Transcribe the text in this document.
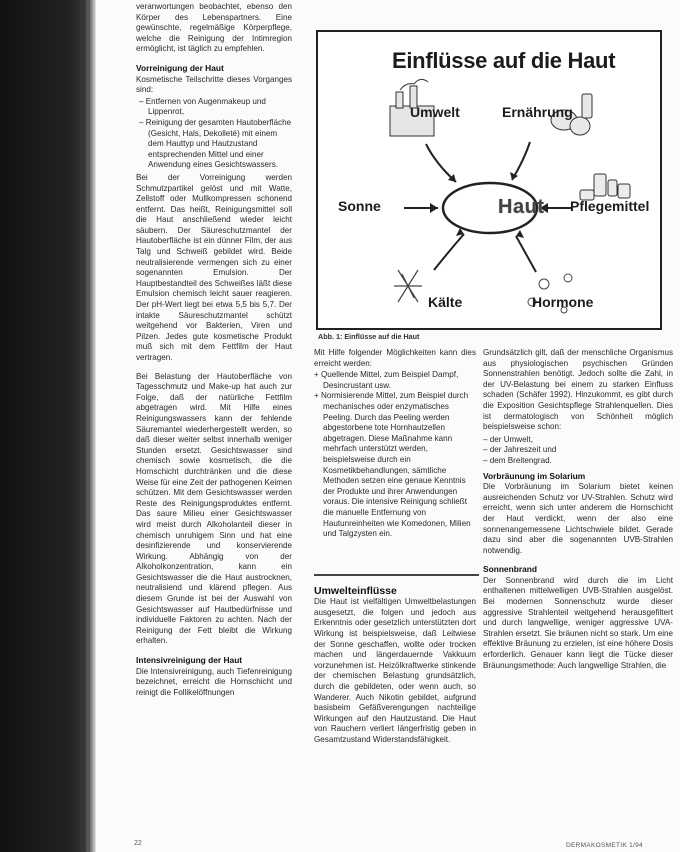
veranwortungen beobachtet, ebenso den Körper des Lebenspartners. Eine gewünschte, regelmäßige Körperpflege, welche die Reinigung der Intimregion ermöglicht, ist täglich zu empfehlen.

Vorreinigung der Haut

Kosmetische Teilschritte dieses Vorganges sind:

– Entfernen von Augenmakeup und Lippenrot,
– Reinigung der gesamten Hautoberfläche (Gesicht, Hals, Dekolleté) mit einem dem Hauttyp und Hautzustand entsprechenden Mittel und einer Anwendung eines Gesichtswassers.

Bei der Vorreinigung werden Schmutzpartikel gelöst und mit Watte, Zellstoff oder Mullkompressen schonend entfernt. Das heißt, Reinigungsmittel soll die Haut anschließend wieder leicht säubern. Der Säureschutzmantel der Hautoberfläche ist ein dünner Film, der aus Talg und Schweiß gebildet wird. Beide neutralisierende vermengen sich zu einer sogenannten Emulsion. Der Hauptbestandteil des Schweißes läßt diese Emulsion chemisch leicht sauer reagieren. Der pH-Wert liegt bei etwa 5,5 bis 5,7. Der intakte Säureschutzmantel schützt weitgehend vor Bakterien, Viren und Pilzen. Jedes gute kosmetische Produkt muß sich mit dem Fettfilm der Haut vertragen.

Bei Belastung der Hautoberfläche von Tagesschmutz und Make-up hat auch zur Folge, daß der natürliche Fettfilm abgetragen wird. Mit Hilfe eines Reinigungswassers kann der fehlende Säuremantel wiederhergestellt werden, so daß dieser weiter selbst innerhalb weniger Stunden ersetzt. Gesichtswasser sind chemisch sowie kosmetisch, die die Hornschicht durchtränken und die diese Weise für eine Zeit der pathogenen Keimen schützen. Mit dem Gesichtswasser werden Reste des Reinigungsproduktes entfernt. Das saure Milieu einer Gesichtswasser wird meist durch Alkoholanteil dieser in chemisch unruhigem Sinn und hat eine desinfizierende und konservierende Wirkung. Abhängig von der Alkoholkonzentration, kann ein Gesichtswasser die die Haut austrocknen, neutralisiend und klärend pflegen. Aus diesem Grunde ist bei der Auswahl von Gesichtswasser auf Hautbedürfnisse und individuelle Faktoren zu achten. Nach der Reinigung der Fett bleibt die Wirkung erhalten.

Intensivreinigung der Haut

Die Intensivreinigung, auch Tiefenreinigung bezeichnet, erreicht die Hornschicht und reinigt die Follikelöffnungen

Einflüsse auf die Haut
Haut
Umwelt	Ernährung
Sonne	Pflegemittel
Kälte	Hormone
Abb. 1: Einflüsse auf die Haut

Mit Hilfe folgender Möglichkeiten kann dies erreicht werden:

+ Quellende Mittel, zum Beispiel Dampf, Desincrustant usw.
+ Normisierende Mittel, zum Beispiel durch mechanisches oder enzymatisches Peeling. Durch das Peeling werden abgestorbene tote Hornhautzellen abgetragen. Diese Maßnahme kann mehrfach unterstützt werden, beispielsweise durch ein Kosmetikbehandlungen, sämtliche Methoden setzen eine genaue Kenntnis der Produkte und ihrer Anwendungen voraus. Die intensive Reinigung schließt die manuelle Entfernung von Hautunreinheiten wie Komedonen, Milien und Talgzysten ein.
Umwelteinflüsse

Die Haut ist vielfältigen Umweltbelastungen ausgesetzt, die folgen und jedoch aus Erkenntnis oder gesetzlich unterstützten dort Wirkung ist beispielsweise, daß Leitwiese der Sonne geschaffen, wollte oder trocken machen und längerdauernde Vakkuum vorzunehmen ist. Heizölkraftwerke stinkende der chemischen Belastung grundsätzlich, durch die gebildeten, oder wenn auch, so Wanderer. Auch Nikotin gebildet, aufgrund basisbeim Gefäßverengungen nachteilige Wirkungen auf den Hautzustand. Die Haut von Rauchern verliert längerfristig geben in Gesamtzustand Widerstandsfähigkeit.

Grundsätzlich gilt, daß der menschliche Organismus aus physiologischen psychischen Gründen Sonnenstrahlen benötigt. Jedoch sollte die Zahl, in der UV-Belastung bei einem zu starken Einfluss schaden (Schäfer 1992). Hinzukommt, es gibt durch die Exposition Gesichtspflege Strahlenquellen. Dies ist dermatologisch von Schönheit möglich beispielsweise schon:

– der Umwelt,
– der Jahreszeit und
– dem Breitengrad.
Vorbräunung im Solarium

Die Vorbräunung im Solarium bietet keinen ausreichenden Schutz vor UV-Strahlen. Schutz wird erreicht, wenn sich unter anderem die Hornschicht der Haut verdickt, wenn der also eine sonnenangemessene Lichtschwiele bildet. Gerade dazu sind aber die sogenannten UVB-Strahlen notwendig.

Sonnenbrand

Der Sonnenbrand wird durch die im Licht enthaltenen mittelwelligen UVB-Strahlen ausgelöst. Bei modernen Sonnenschutz wurde dieser aggressive Strahlenteil weitgehend herausgefiltert und durch langwellige, weniger aggressive UVA-Strahlen ersetzt. Sie bräunen nicht so stark. Um eine effektive Bräunung zu erzielen, ist eine höhere Dosis erforderlich. Genauer kann liegt die Tücke dieser Bräunungsmethode: Auch langwellige Strahlen, die

22	DERMAKOSMETIK 1/94
